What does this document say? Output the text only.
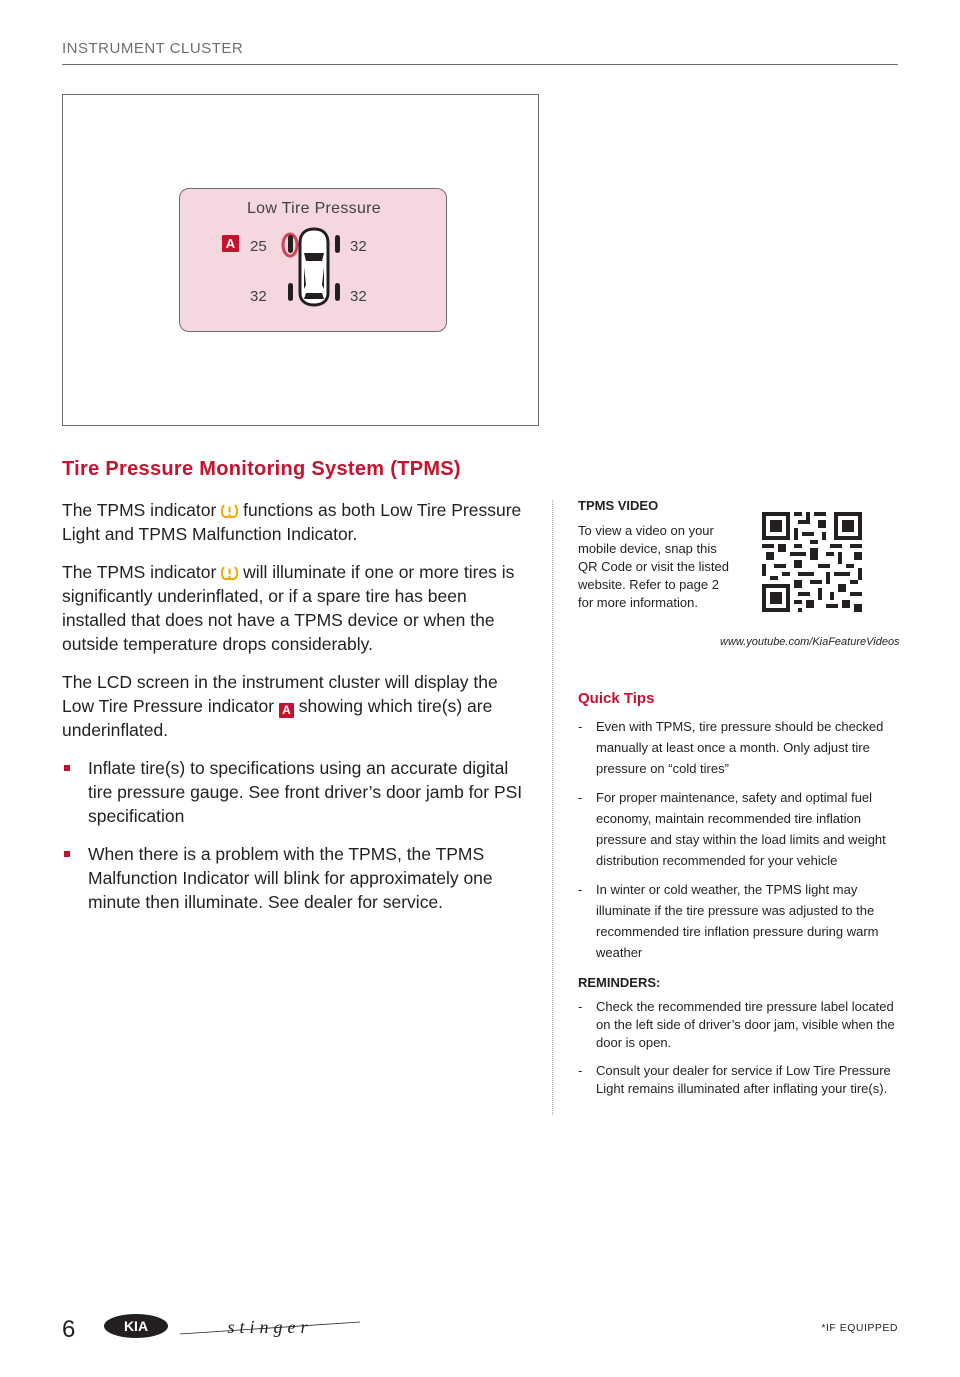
INSTRUMENT CLUSTER
Low Tire Pressure
A 25	32
32	32
Tire Pressure Monitoring System (TPMS)

The TPMS indicator functions as both Low Tire Pressure Light and TPMS Malfunction Indicator.

The TPMS indicator will illuminate if one or more tires is significantly underinflated, or if a spare tire has been installed that does not have a TPMS device or when the outside temperature drops considerably.

The LCD screen in the instrument cluster will display the Low Tire Pressure indicator A showing which tire(s) are underinflated.

Inflate tire(s) to specifications using an accurate digital tire pressure gauge. See front driver’s door jamb for PSI specification
When there is a problem with the TPMS, the TPMS Malfunction Indicator will blink for approximately one minute then illuminate. See dealer for service.
TPMS VIDEO
To view a video on your mobile device, snap this QR Code or visit the listed website. Refer to page 2 for more information.
www.youtube.com/KiaFeatureVideos
Quick Tips
- Even with TPMS, tire pressure should be checked manually at least once a month. Only adjust tire pressure on “cold tires”
- For proper maintenance, safety and optimal fuel economy, maintain recommended tire inflation pressure and stay within the load limits and weight distribution recommended for your vehicle
- In winter or cold weather, the TPMS light may illuminate if the tire pressure was adjusted to the recommended tire inflation pressure during warm weather
REMINDERS:
- Check the recommended tire pressure label located on the left side of driver’s door jam, visible when the door is open.
- Consult your dealer for service if Low Tire Pressure Light remains illuminated after inflating your tire(s).
6	KIA	stinger	*IF EQUIPPED
